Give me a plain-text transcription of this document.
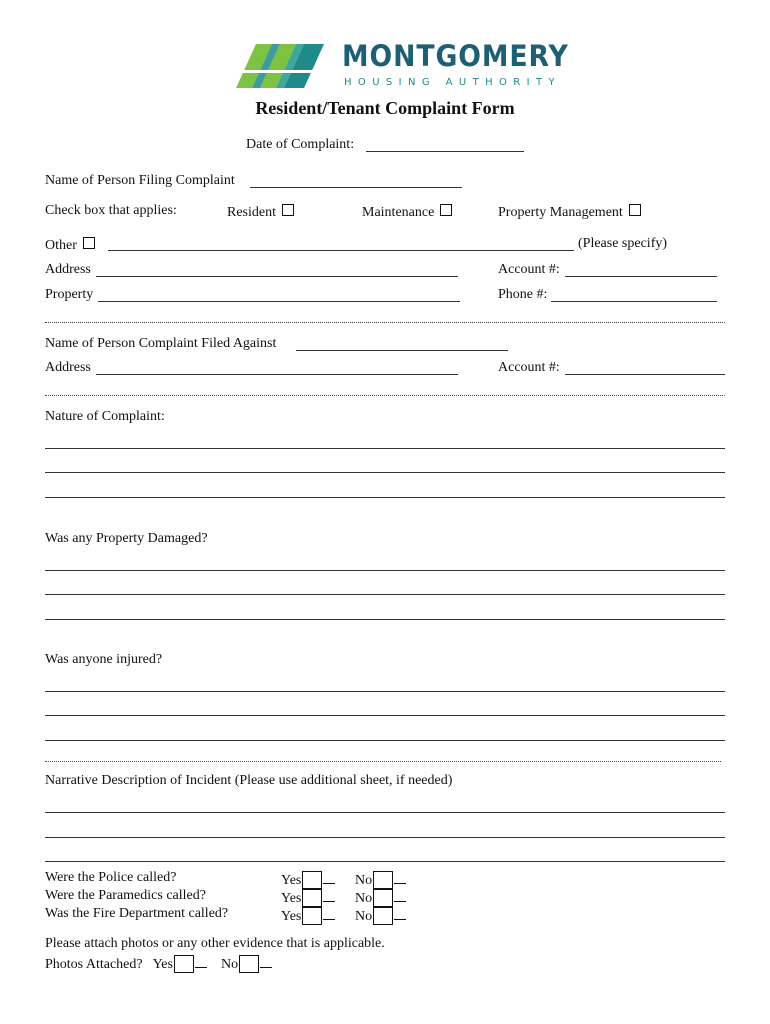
MONTGOMERY
HOUSING AUTHORITY
Resident/Tenant Complaint Form
Date of Complaint:
Name of Person Filing Complaint
Check box that applies:	Resident	Maintenance	Property Management
Other	(Please specify)
Address	Account #:
Property	Phone #:
Name of Person Complaint Filed Against
Address	Account #:
Nature of Complaint:
Was any Property Damaged?
Was anyone injured?
Narrative Description of Incident (Please use additional sheet, if needed)
Were the Police called?	Yes	No
Were the Paramedics called?	Yes	No
Was the Fire Department called?	Yes	No
Please attach photos or any other evidence that is applicable.
Photos Attached? Yes	No
